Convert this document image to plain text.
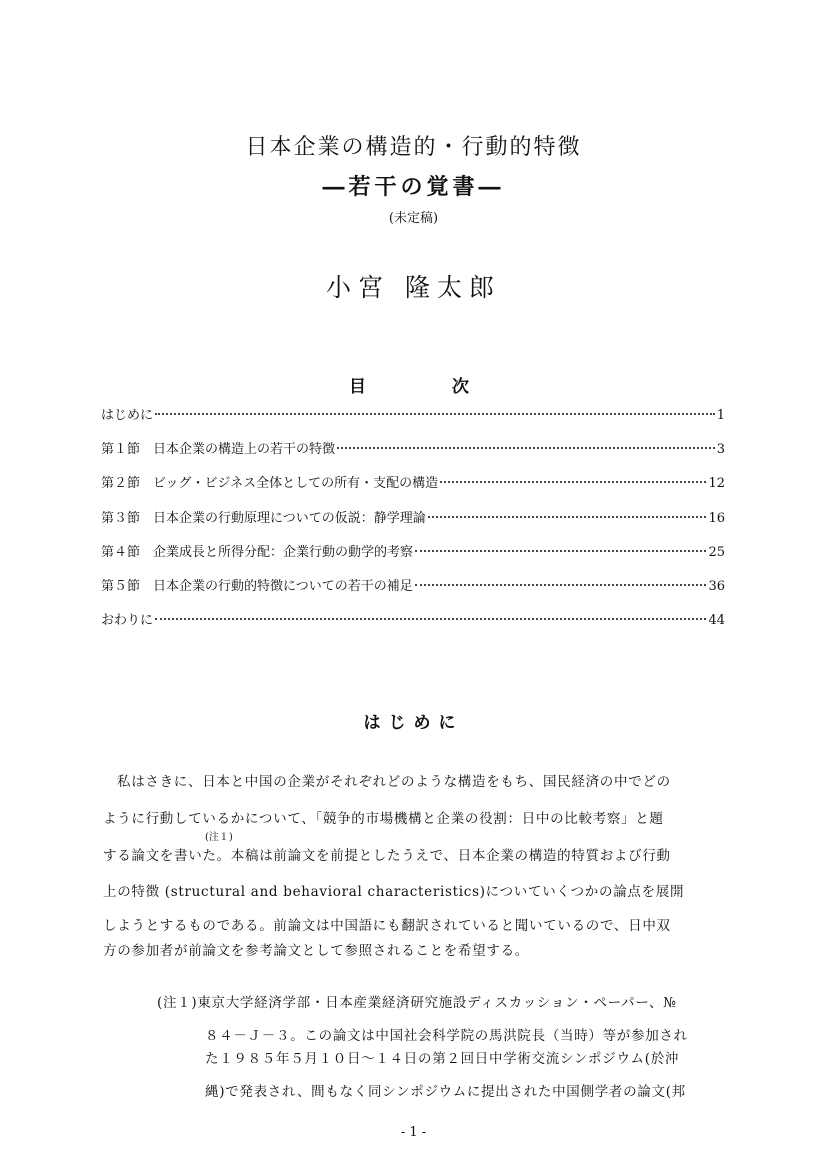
日本企業の構造的・行動的特徴
―若干の覚書―
(未定稿)
小宮 隆太郎
目	次
はじめに	1
第１節　日本企業の構造上の若干の特徴	3
第２節　ビッグ・ビジネス全体としての所有・支配の構造	12
第３節　日本企業の行動原理についての仮説：静学理論	16
第４節　企業成長と所得分配：企業行動の動学的考察	25
第５節　日本企業の行動的特徴についての若干の補足	36
おわりに	44
はじめに
私はさきに、日本と中国の企業がそれぞれどのような構造をもち、国民経済の中でどの
ように行動しているかについて、「競争的市場機構と企業の役割：日中の比較考察」と題
(注１)
する論文を書いた。本稿は前論文を前提としたうえで、日本企業の構造的特質および行動
上の特徴 (structural and behavioral characteristics)についていくつかの論点を展開
しようとするものである。前論文は中国語にも翻訳されていると聞いているので、日中双
方の参加者が前論文を参考論文として参照されることを希望する。
(注１)東京大学経済学部・日本産業経済研究施設ディスカッション・ペーパー、№
８４－Ｊ－３。この論文は中国社会科学院の馬洪院長（当時）等が参加され
た１９８５年５月１０日～１４日の第２回日中学術交流シンポジウム(於沖
縄)で発表され、間もなく同シンポジウムに提出された中国側学者の論文(邦
- 1 -
